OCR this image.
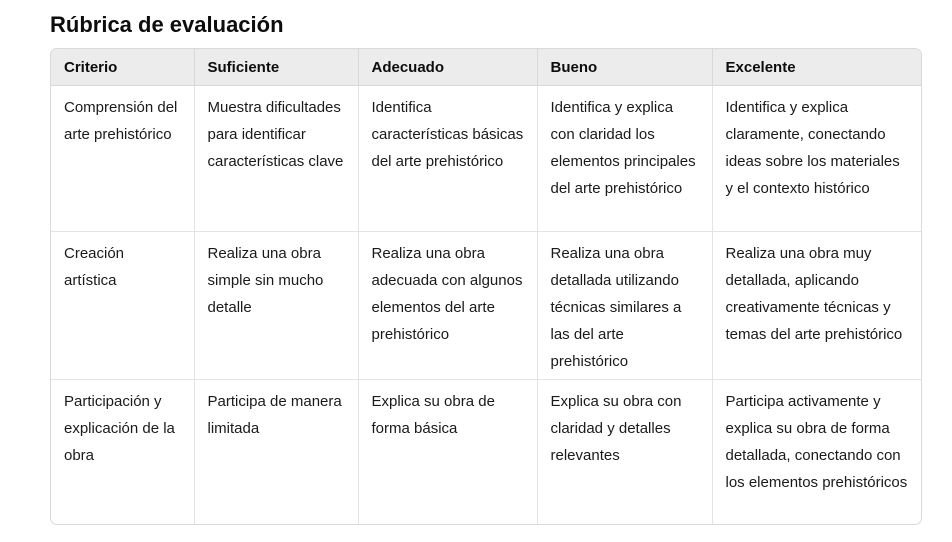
Rúbrica de evaluación
Criterio	Suficiente	Adecuado	Bueno	Excelente
Comprensión del arte prehistórico	Muestra dificultades para identificar características clave	Identifica características básicas del arte prehistórico	Identifica y explica con claridad los elementos principales del arte prehistórico	Identifica y explica claramente, conectando ideas sobre los materiales y el contexto histórico
Creación artística	Realiza una obra simple sin mucho detalle	Realiza una obra adecuada con algunos elementos del arte prehistórico	Realiza una obra detallada utilizando técnicas similares a las del arte prehistórico	Realiza una obra muy detallada, aplicando creativamente técnicas y temas del arte prehistórico
Participación y explicación de la obra	Participa de manera limitada	Explica su obra de forma básica	Explica su obra con claridad y detalles relevantes	Participa activamente y explica su obra de forma detallada, conectando con los elementos prehistóricos
